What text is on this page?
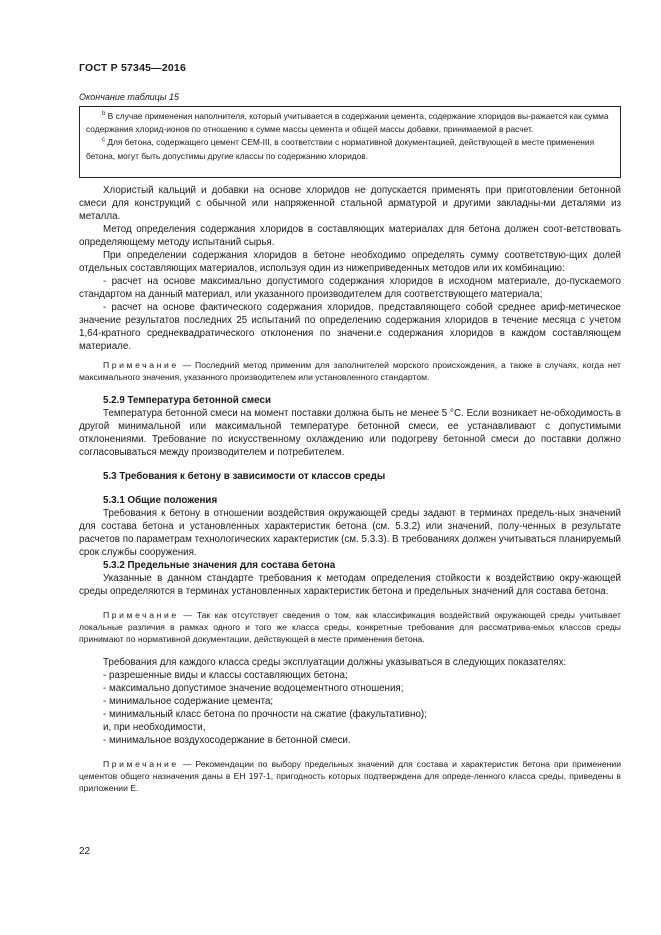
ГОСТ Р 57345—2016
Окончание таблицы 15

$^b$ В случае применения наполнителя, который учитывается в содержании цемента, содержание хлоридов вы-ражается как сумма содержания хлорид-ионов по отношению к сумме массы цемента и общей массы добавки, принимаемой в расчет.

$^c$ Для бетона, содержащего цемент CEM-III, в соответствии с нормативной документацией, действующей в месте применения бетона, могут быть допустимы другие классы по содержанию хлоридов.

Хлористый кальций и добавки на основе хлоридов не допускается применять при приготовлении бетонной смеси для конструкций с обычной или напряженной стальной арматурой и другими закладны-ми деталями из металла.

Метод определения содержания хлоридов в составляющих материалах для бетона должен соот-ветствовать определяющему методу испытаний сырья.

При определении содержания хлоридов в бетоне необходимо определять сумму соответствую-щих долей отдельных составляющих материалов, используя один из нижеприведенных методов или их комбинацию:

- расчет на основе максимально допустимого содержания хлоридов в исходном материале, до-пускаемого стандартом на данный материал, или указанного производителем для соответствующего материала;

- расчет на основе фактического содержания хлоридов, представляющего собой среднее ариф-метическое значение результатов последних 25 испытаний по определению содержания хлоридов в течение месяца с учетом 1,64-кратного среднеквадратического отклонения по значени.е содержания хлоридов в каждом составляющем материале.

Примечание — Последний метод применим для заполнителей морского происхождения, а также в случаях, когда нет максимального значения, указанного производителем или установленного стандартом.

5.2.9 Температура бетонной смеси

Температура бетонной смеси на момент поставки должна быть не менее 5 °С. Если возникает не-обходимость в другой минимальной или максимальной температуре бетонной смеси, ее устанавливают с допустимыми отклонениями. Требование по искусственному охлаждению или подогреву бетонной смеси до поставки должно согласовываться между производителем и потребителем.

5.3 Требования к бетону в зависимости от классов среды

5.3.1 Общие положения

Требования к бетону в отношении воздействия окружающей среды задают в терминах предель-ных значений для состава бетона и установленных характеристик бетона (см. 5.3.2) или значений, полу-ченных в результате расчетов по параметрам технологических характеристик (см. 5.3.3). В требованиях должен учитываться планируемый срок службы сооружения.

5.3.2 Предельные значения для состава бетона

Указанные в данном стандарте требования к методам определения стойкости к воздействию окру-жающей среды определяются в терминах установленных характеристик бетона и предельных значений для состава бетона.

Примечание — Так как отсутствует сведения о том, как классификация воздействий окружающей среды учитывает локальные различия в рамках одного и того же класса среды, конкретные требования для рассматрива-емых классов среды принимают по нормативной документации, действующей в месте применения бетона.

Требования для каждого класса среды эксплуатации должны указываться в следующих показателях:

- разрешенные виды и классы составляющих бетона;

- максимально допустимое значение водоцементного отношения;

- минимальное содержание цемента;

- минимальный класс бетона по прочности на сжатие (факультативно);

и, при необходимости,

- минимальное воздухосодержание в бетонной смеси.

Примечание — Рекомендации по выбору предельных значений для состава и характеристик бетона при применении цементов общего назначения даны в ЕН 197-1, пригодность которых подтверждена для опреде-ленного класса среды, приведены в приложении Е.

22
